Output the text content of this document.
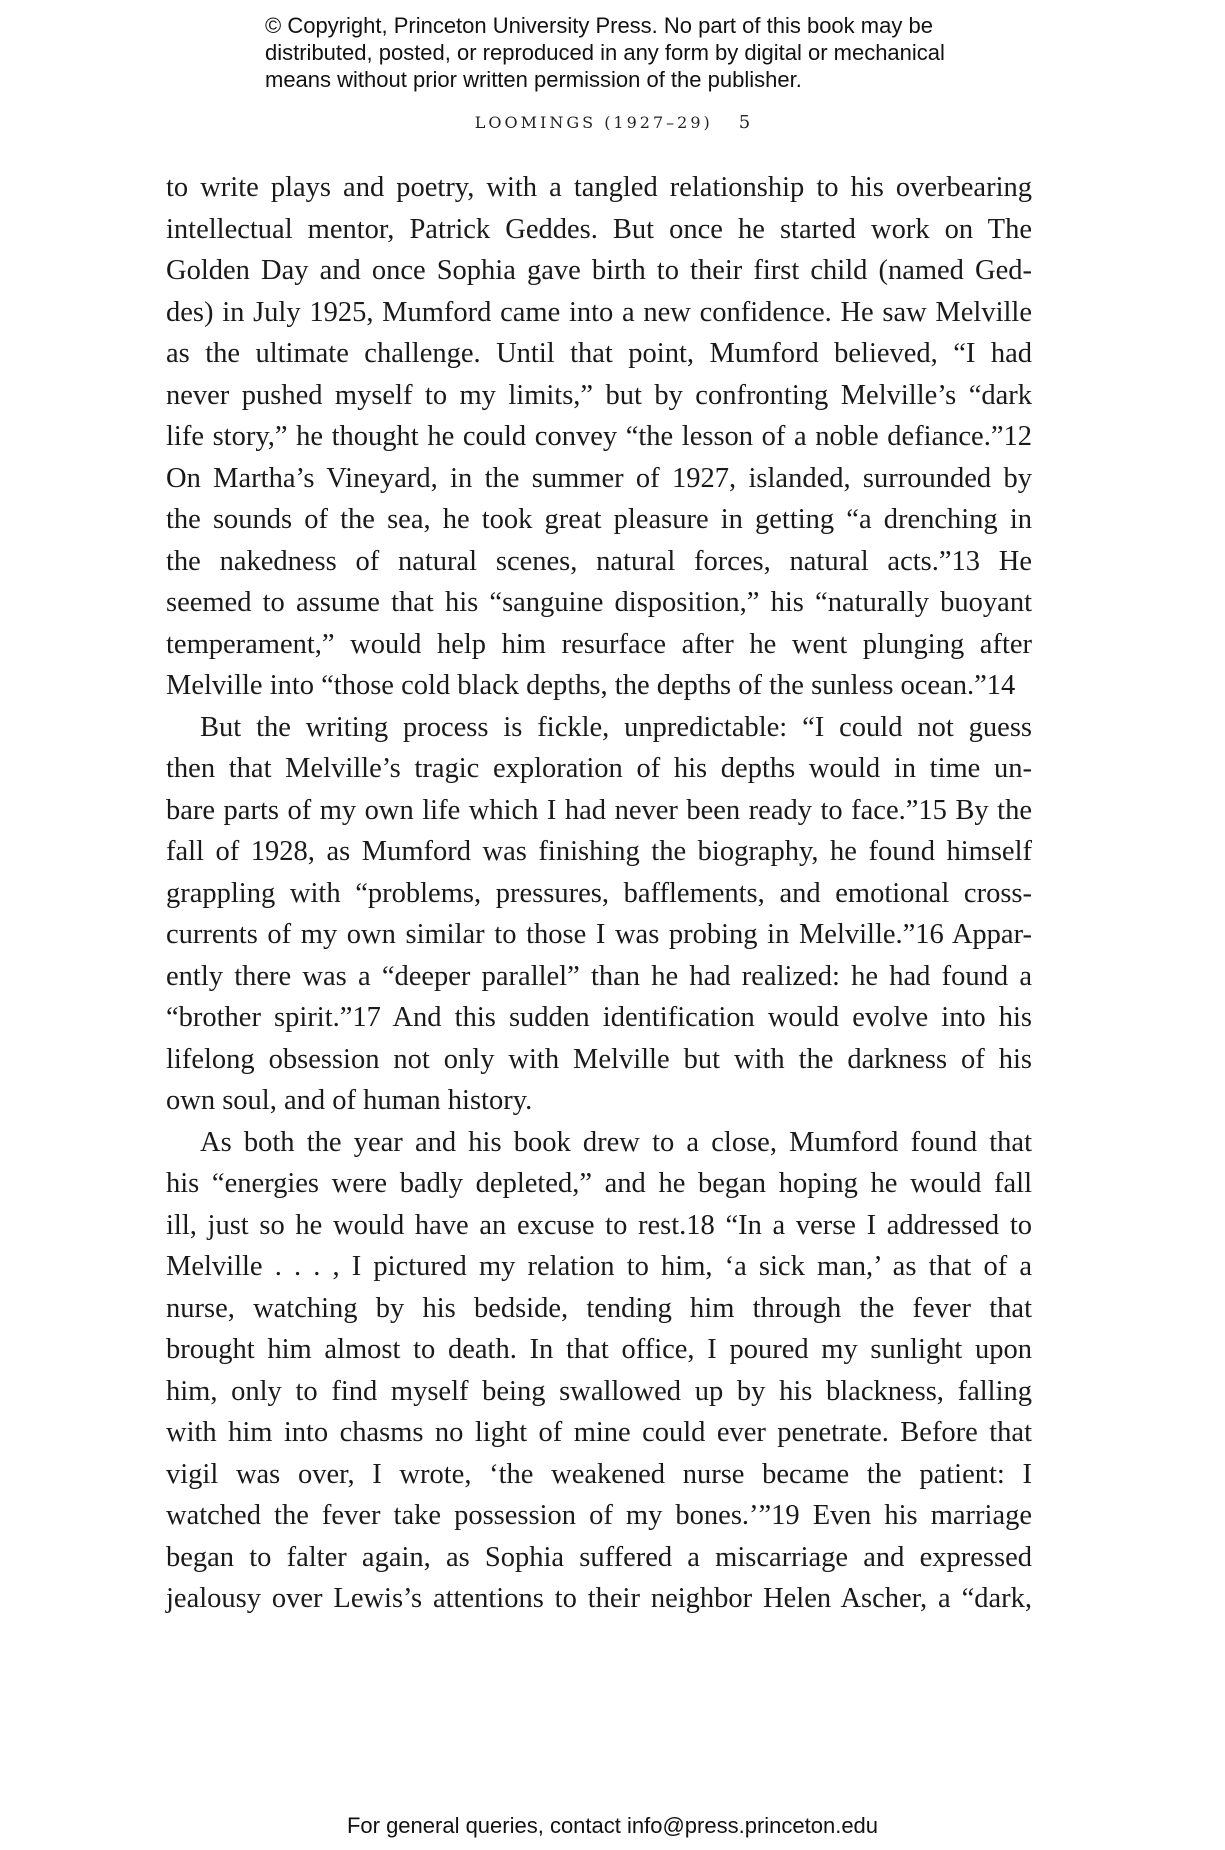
© Copyright, Princeton University Press. No part of this book may be
distributed, posted, or reproduced in any form by digital or mechanical
means without prior written permission of the publisher.
LOOMINGS (1927–29) 5
to write plays and poetry, with a tangled relationship to his overbearing
intellectual mentor, Patrick Geddes. But once he started work on The
Golden Day and once Sophia gave birth to their first child (named Ged-
des) in July 1925, Mumford came into a new confidence. He saw Melville
as the ultimate challenge. Until that point, Mumford believed, “I had
never pushed myself to my limits,” but by confronting Melville’s “dark
life story,” he thought he could convey “the lesson of a noble defiance.”12
On Martha’s Vineyard, in the summer of 1927, islanded, surrounded by
the sounds of the sea, he took great pleasure in getting “a drenching in
the nakedness of natural scenes, natural forces, natural acts.”13 He
seemed to assume that his “sanguine disposition,” his “naturally buoyant
temperament,” would help him resurface after he went plunging after
Melville into “those cold black depths, the depths of the sunless ocean.”14
But the writing process is fickle, unpredictable: “I could not guess
then that Melville’s tragic exploration of his depths would in time un-
bare parts of my own life which I had never been ready to face.”15 By the
fall of 1928, as Mumford was finishing the biography, he found himself
grappling with “problems, pressures, bafflements, and emotional cross-
currents of my own similar to those I was probing in Melville.”16 Appar-
ently there was a “deeper parallel” than he had realized: he had found a
“brother spirit.”17 And this sudden identification would evolve into his
lifelong obsession not only with Melville but with the darkness of his
own soul, and of human history.
As both the year and his book drew to a close, Mumford found that
his “energies were badly depleted,” and he began hoping he would fall
ill, just so he would have an excuse to rest.18 “In a verse I addressed to
Melville . . . , I pictured my relation to him, ‘a sick man,’ as that of a
nurse, watching by his bedside, tending him through the fever that
brought him almost to death. In that office, I poured my sunlight upon
him, only to find myself being swallowed up by his blackness, falling
with him into chasms no light of mine could ever penetrate. Before that
vigil was over, I wrote, ‘the weakened nurse became the patient: I
watched the fever take possession of my bones.’”19 Even his marriage
began to falter again, as Sophia suffered a miscarriage and expressed
jealousy over Lewis’s attentions to their neighbor Helen Ascher, a “dark,
For general queries, contact info@press.princeton.edu
